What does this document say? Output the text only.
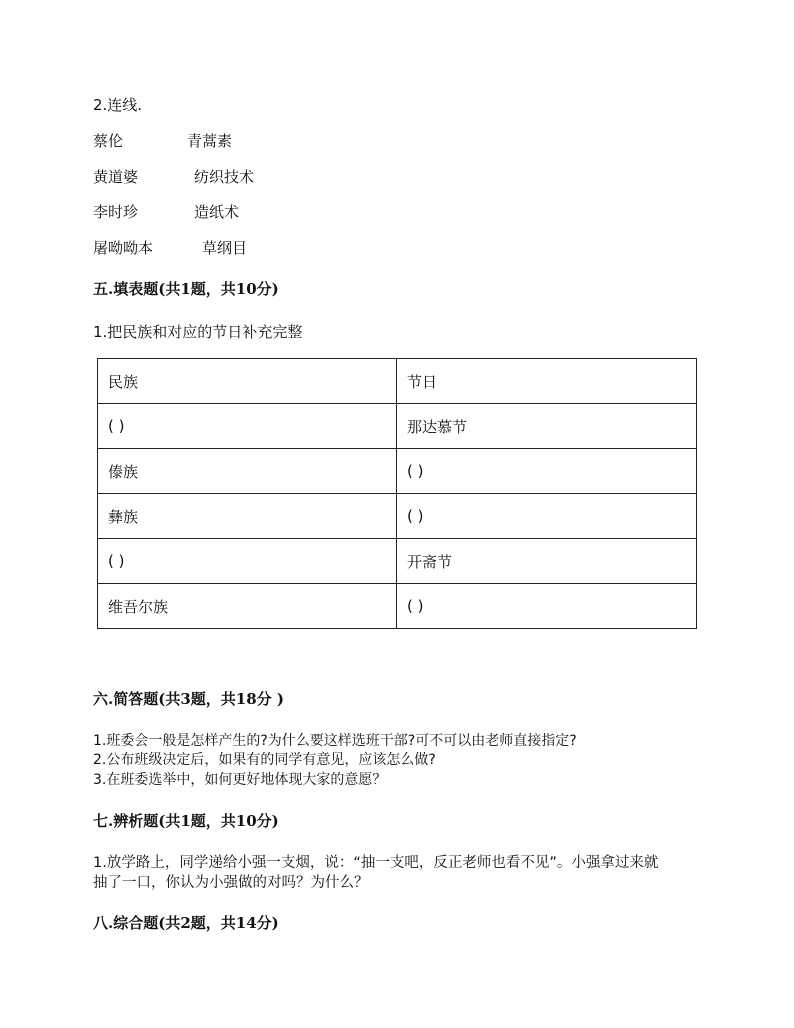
2.连线.
蔡伦	青蒿素
黄道婆	纺织技术
李时珍	造纸术
屠呦呦本	草纲目
五.填表题(共1题，共10分)
1.把民族和对应的节日补充完整
民族	节日
( )	那达慕节
傣族	( )
彝族	( )
( )	开斋节
维吾尔族	( )
六.简答题(共3题，共18分 )
1.班委会一般是怎样产生的?为什么要这样选班干部?可不可以由老师直接指定?
2.公布班级决定后，如果有的同学有意见，应该怎么做?
3.在班委选举中，如何更好地体现大家的意愿？
七.辨析题(共1题，共10分)
1.放学路上，同学递给小强一支烟，说：“抽一支吧，反正老师也看不见”。小强拿过来就
抽了一口，你认为小强做的对吗？为什么？
八.综合题(共2题，共14分)
